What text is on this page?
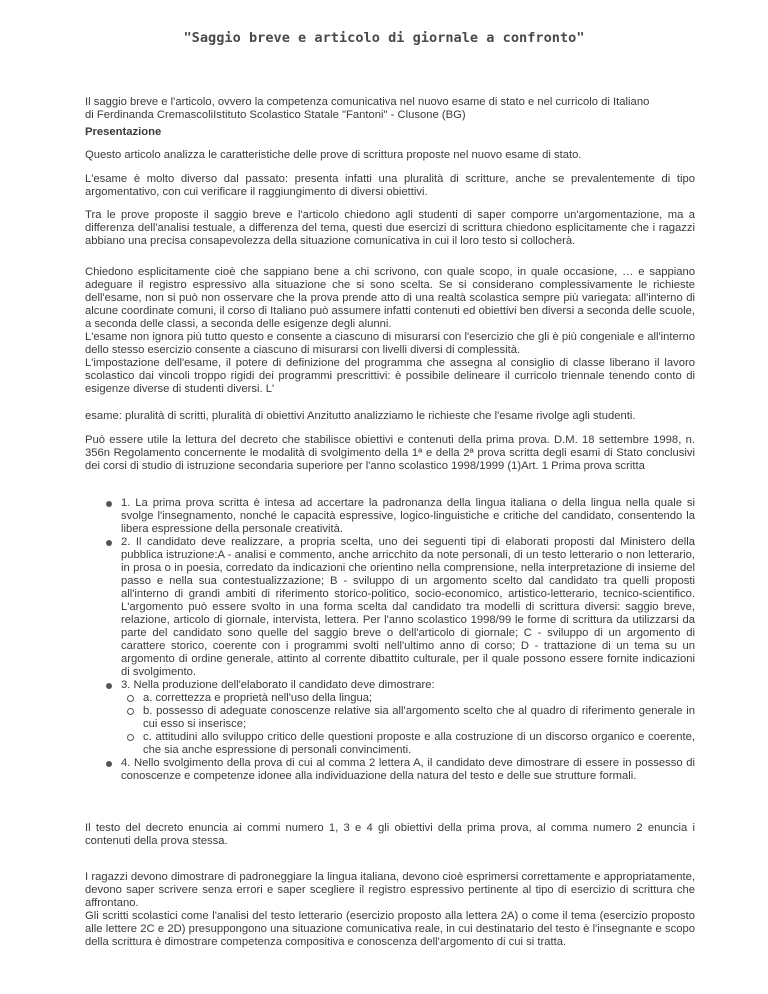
"Saggio breve e articolo di giornale a confronto"

Il saggio breve e l'articolo, ovvero la competenza comunicativa nel nuovo esame di stato e nel curricolo di Italiano
di Ferdinanda CremascoliIstituto Scolastico Statale "Fantoni" - Clusone (BG)

Presentazione

Questo articolo analizza le caratteristiche delle prove di scrittura proposte nel nuovo esame di stato.

L'esame è molto diverso dal passato: presenta infatti una pluralità di scritture, anche se prevalentemente di tipo argomentativo, con cui verificare il raggiungimento di diversi obiettivi.

Tra le prove proposte il saggio breve e l'articolo chiedono agli studenti di saper comporre un'argomentazione, ma a differenza dell'analisi testuale, a differenza del tema, questi due esercizi di scrittura chiedono esplicitamente che i ragazzi abbiano una precisa consapevolezza della situazione comunicativa in cui il loro testo si collocherà.

Chiedono esplicitamente cioè che sappiano bene a chi scrivono, con quale scopo, in quale occasione, … e sappiano adeguare il registro espressivo alla situazione che si sono scelta. Se si considerano complessivamente le richieste dell'esame, non si può non osservare che la prova prende atto di una realtà scolastica sempre più variegata: all'interno di alcune coordinate comuni, il corso di Italiano può assumere infatti contenuti ed obiettivi ben diversi a seconda delle scuole, a seconda delle classi, a seconda delle esigenze degli alunni.

L'esame non ignora più tutto questo e consente a ciascuno di misurarsi con l'esercizio che gli è più congeniale e all'interno dello stesso esercizio consente a ciascuno di misurarsi con livelli diversi di complessità.

L'impostazione dell'esame, il potere di definizione del programma che assegna al consiglio di classe liberano il lavoro scolastico dai vincoli troppo rigidi dei programmi prescrittivi: è possibile delineare il curricolo triennale tenendo conto di esigenze diverse di studenti diversi. L'

esame: pluralità di scritti, pluralità di obiettivi Anzitutto analizziamo le richieste che l'esame rivolge agli studenti.

Può essere utile la lettura del decreto che stabilisce obiettivi e contenuti della prima prova. D.M. 18 settembre 1998, n. 356n Regolamento concernente le modalità di svolgimento della 1ª e della 2ª prova scritta degli esami di Stato conclusivi dei corsi di studio di istruzione secondaria superiore per l'anno scolastico 1998/1999 (1)Art. 1 Prima prova scritta

1. La prima prova scritta è intesa ad accertare la padronanza della lingua italiana o della lingua nella quale si svolge l'insegnamento, nonché le capacità espressive, logico-linguistiche e critiche del candidato, consentendo la libera espressione della personale creatività.
2. Il candidato deve realizzare, a propria scelta, uno dei seguenti tipi di elaborati proposti dal Ministero della pubblica istruzione:A - analisi e commento, anche arricchito da note personali, di un testo letterario o non letterario, in prosa o in poesia, corredato da indicazioni che orientino nella comprensione, nella interpretazione di insieme del passo e nella sua contestualizzazione; B - sviluppo di un argomento scelto dal candidato tra quelli proposti all'interno di grandi ambiti di riferimento storico-politico, socio-economico, artistico-letterario, tecnico-scientifico. L'argomento può essere svolto in una forma scelta dal candidato tra modelli di scrittura diversi: saggio breve, relazione, articolo di giornale, intervista, lettera. Per l'anno scolastico 1998/99 le forme di scrittura da utilizzarsi da parte del candidato sono quelle del saggio breve o dell'articolo di giornale; C - sviluppo di un argomento di carattere storico, coerente con i programmi svolti nell'ultimo anno di corso; D - trattazione di un tema su un argomento di ordine generale, attinto al corrente dibattito culturale, per il quale possono essere fornite indicazioni di svolgimento.
3. Nella produzione dell'elaborato il candidato deve dimostrare:
a. correttezza e proprietà nell'uso della lingua;
b. possesso di adeguate conoscenze relative sia all'argomento scelto che al quadro di riferimento generale in cui esso si inserisce;
c. attitudini allo sviluppo critico delle questioni proposte e alla costruzione di un discorso organico e coerente, che sia anche espressione di personali convincimenti.
4. Nello svolgimento della prova di cui al comma 2 lettera A, il candidato deve dimostrare di essere in possesso di conoscenze e competenze idonee alla individuazione della natura del testo e delle sue strutture formali.

Il testo del decreto enuncia ai commi numero 1, 3 e 4 gli obiettivi della prima prova, al comma numero 2 enuncia i contenuti della prova stessa.

I ragazzi devono dimostrare di padroneggiare la lingua italiana, devono cioè esprimersi correttamente e appropriatamente, devono saper scrivere senza errori e saper scegliere il registro espressivo pertinente al tipo di esercizio di scrittura che affrontano.

Gli scritti scolastici come l'analisi del testo letterario (esercizio proposto alla lettera 2A) o come il tema (esercizio proposto alle lettere 2C e 2D) presuppongono una situazione comunicativa reale, in cui destinatario del testo è l'insegnante e scopo della scrittura è dimostrare competenza compositiva e conoscenza dell'argomento di cui si tratta.
